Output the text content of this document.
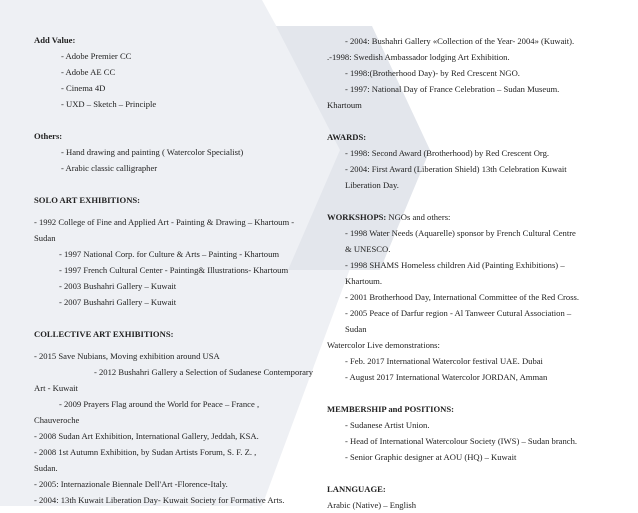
Add Value:
- Adobe Premier CC
- Adobe AE CC
- Cinema 4D
- UXD – Sketch – Principle
Others:
- Hand drawing and painting ( Watercolor Specialist)
- Arabic classic calligrapher
SOLO ART EXHIBITIONS:
- 1992 College of Fine and Applied Art - Painting & Drawing – Khartoum -
Sudan
- 1997 National Corp. for Culture & Arts – Painting - Khartoum
- 1997 French Cultural Center - Painting& Illustrations- Khartoum
- 2003 Bushahri Gallery – Kuwait
- 2007 Bushahri Gallery – Kuwait
COLLECTIVE ART EXHIBITIONS:
- 2015 Save Nubians, Moving exhibition around USA
- 2012 Bushahri Gallery a Selection of Sudanese Contemporary
Art - Kuwait
- 2009 Prayers Flag around the World for Peace – France ,
Chauveroche
- 2008 Sudan Art Exhibition, International Gallery, Jeddah, KSA.
- 2008 1st Autumn Exhibition, by Sudan Artists Forum, S. F. Z. ,
Sudan.
- 2005: Internazionale Biennale Dell'Art -Florence-Italy.
- 2004: 13th Kuwait Liberation Day- Kuwait Society for Formative Arts.
- 2004: Bushahri Gallery «Collection of the Year- 2004» (Kuwait).
.-1998: Swedish Ambassador lodging Art Exhibition.
- 1998:(Brotherhood Day)- by Red Crescent NGO.
- 1997: National Day of France Celebration – Sudan Museum.
Khartoum
AWARDS:
- 1998: Second Award (Brotherhood) by Red Crescent Org.
- 2004: First Award (Liberation Shield) 13th Celebration Kuwait
Liberation Day.
WORKSHOPS: NGOs and others:
- 1998 Water Needs (Aquarelle) sponsor by French Cultural Centre
& UNESCO.
- 1998 SHAMS Homeless children Aid (Painting Exhibitions) –
Khartoum.
- 2001 Brotherhood Day, International Committee of the Red Cross.
- 2005 Peace of Darfur region - Al Tanweer Cutural Association –
Sudan
Watercolor Live demonstrations:
- Feb. 2017 International Watercolor festival UAE. Dubai
- August 2017 International Watercolor JORDAN, Amman
MEMBERSHIP and POSITIONS:
- Sudanese Artist Union.
- Head of International Watercolour Society (IWS) – Sudan branch.
- Senior Graphic designer at AOU (HQ) – Kuwait
LANNGUAGE:
Arabic (Native) – English
